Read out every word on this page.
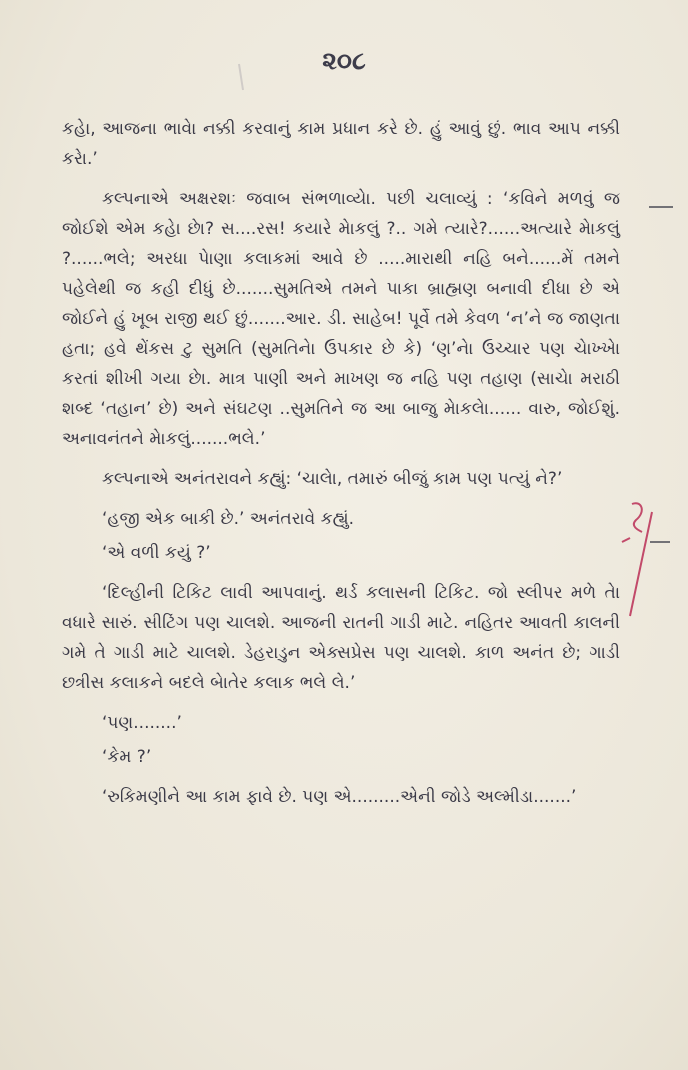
૨૦૮

કહેા, આજના ભાવેા નક્કી કરવાનું કામ પ્રધાન કરે છે. હું આવું છું. ભાવ આપ નક્કી કરેા.’

કલ્પનાએ અક્ષરશઃ જવાબ સંભળાવ્યેા. પછી ચલાવ્યું : ‘કવિને મળવું જ જોઈશે એમ કહેા છેા? સ....રસ! કયારે મેાકલું ?.. ગમે ત્યારે?......અત્યારે મેાકલું ?......ભલે; અરધા પેાણા કલાકમાં આવે છે .....મારાથી નહિ બને......મેં તમને પહેલેથી જ કહી દીધું છે.......સુમતિએ તમને પાકા બ્રાહ્મણ બનાવી દીધા છે એ જોઈને હું ખૂબ રાજી થઈ છું.......આર. ડી. સાહેબ! પૂર્વે તમે કેવળ ‘ન’ને જ જાણતા હતા; હવે થેંકસ ટુ સુમતિ (સુમતિનેા ઉપકાર છે કે) ‘ણ’નેા ઉચ્ચાર પણ ચેાખ્ખેા કરતાં શીખી ગયા છેા. માત્ર પાણી અને માખણ જ નહિ પણ તહાણ (સાચેા મરાઠી શબ્દ ‘તહાન’ છે) અને સંઘટણ ..સુમતિને જ આ બાજુ મેાકલેા...... વારુ, જોઈશું. અનાવનંતને મેાકલું.......ભલે.’

કલ્પનાએ અનંતરાવને કહ્યું: ‘ચાલેા, તમારું બીજું કામ પણ પત્યું ને?’

‘હજી એક બાકી છે.’ અનંતરાવે કહ્યું.

‘એ વળી કયું ?’

‘દિલ્હીની ટિકિટ લાવી આપવાનું. થર્ડ કલાસની ટિકિટ. જો સ્લીપર મળે તેા વધારે સારું. સીટિંગ પણ ચાલશે. આજની રાતની ગાડી માટે. નહિતર આવતી કાલની ગમે તે ગાડી માટે ચાલશે. ડેહરાડુન એક્સપ્રેસ પણ ચાલશે. કાળ અનંત છે; ગાડી છત્રીસ કલાકને બદલે બેાતેર કલાક ભલે લે.’

‘પણ........’

‘કેમ ?’

‘રુકિમણીને આ કામ ફાવે છે. પણ એ.........એની જોડે અલ્મીડા.......’
